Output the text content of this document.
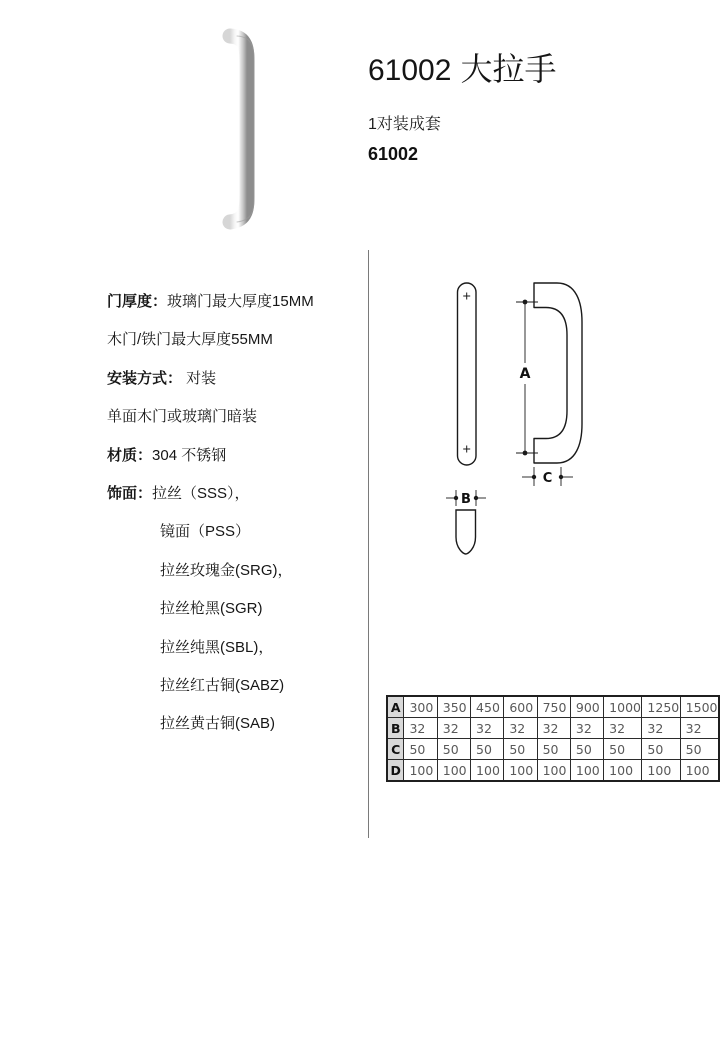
61002 大拉手

1对装成套

61002

门厚度：玻璃门最大厚度15MM
木门/铁门最大厚度55MM
安装方式： 对装
单面木门或玻璃门暗装
材质：304 不锈钢
饰面：拉丝（SSS），
镜面（PSS）
拉丝玫瑰金(SRG)，
拉丝枪黑(SGR)
拉丝纯黑(SBL)，
拉丝红古铜(SABZ)
拉丝黄古铜(SAB)
A
C
B
A	300	350	450	600	750	900	1000	1250	1500
B	32	32	32	32	32	32	32	32	32
C	50	50	50	50	50	50	50	50	50
D	100	100	100	100	100	100	100	100	100
